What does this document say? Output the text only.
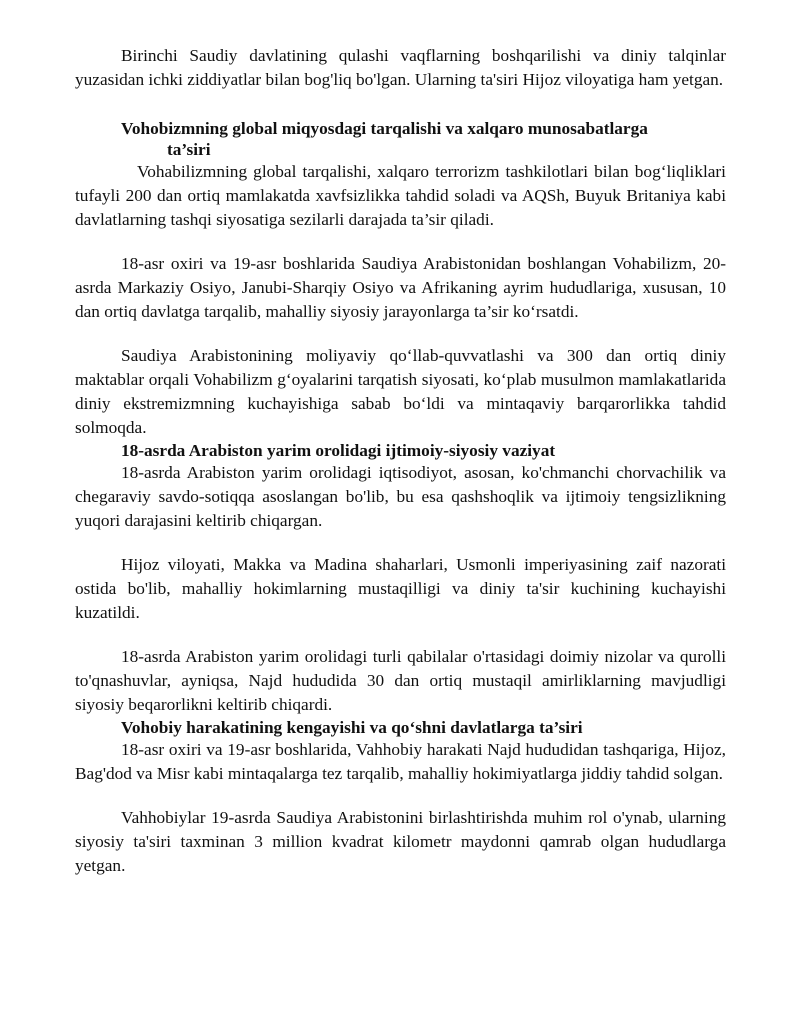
Birinchi Saudiy davlatining qulashi vaqflarning boshqarilishi va diniy talqinlar yuzasidan ichki ziddiyatlar bilan bog'liq bo'lgan. Ularning ta'siri Hijoz viloyatiga ham yetgan.

Vohobizmning global miqyosdagi tarqalishi va xalqaro munosabatlarga
ta’siri

Vohabilizmning global tarqalishi, xalqaro terrorizm tashkilotlari bilan bog‘liqliklari tufayli 200 dan ortiq mamlakatda xavfsizlikka tahdid soladi va AQSh, Buyuk Britaniya kabi davlatlarning tashqi siyosatiga sezilarli darajada ta’sir qiladi.

18-asr oxiri va 19-asr boshlarida Saudiya Arabistonidan boshlangan Vohabilizm, 20-asrda Markaziy Osiyo, Janubi-Sharqiy Osiyo va Afrikaning ayrim hududlariga, xususan, 10 dan ortiq davlatga tarqalib, mahalliy siyosiy jarayonlarga ta’sir ko‘rsatdi.

Saudiya Arabistonining moliyaviy qo‘llab-quvvatlashi va 300 dan ortiq diniy maktablar orqali Vohabilizm g‘oyalarini tarqatish siyosati, ko‘plab musulmon mamlakatlarida diniy ekstremizmning kuchayishiga sabab bo‘ldi va mintaqaviy barqarorlikka tahdid solmoqda.

18-asrda Arabiston yarim orolidagi ijtimoiy-siyosiy vaziyat

18-asrda Arabiston yarim orolidagi iqtisodiyot, asosan, ko'chmanchi chorvachilik va chegaraviy savdo-sotiqqa asoslangan bo'lib, bu esa qashshoqlik va ijtimoiy tengsizlikning yuqori darajasini keltirib chiqargan.

Hijoz viloyati, Makka va Madina shaharlari, Usmonli imperiyasining zaif nazorati ostida bo'lib, mahalliy hokimlarning mustaqilligi va diniy ta'sir kuchining kuchayishi kuzatildi.

18-asrda Arabiston yarim orolidagi turli qabilalar o'rtasidagi doimiy nizolar va qurolli to'qnashuvlar, ayniqsa, Najd hududida 30 dan ortiq mustaqil amirliklarning mavjudligi siyosiy beqarorlikni keltirib chiqardi.

Vohobiy harakatining kengayishi va qo‘shni davlatlarga ta’siri

18-asr oxiri va 19-asr boshlarida, Vahhobiy harakati Najd hududidan tashqariga, Hijoz, Bag'dod va Misr kabi mintaqalarga tez tarqalib, mahalliy hokimiyatlarga jiddiy tahdid solgan.

Vahhobiylar 19-asrda Saudiya Arabistonini birlashtirishda muhim rol o'ynab, ularning siyosiy ta'siri taxminan 3 million kvadrat kilometr maydonni qamrab olgan hududlarga yetgan.
